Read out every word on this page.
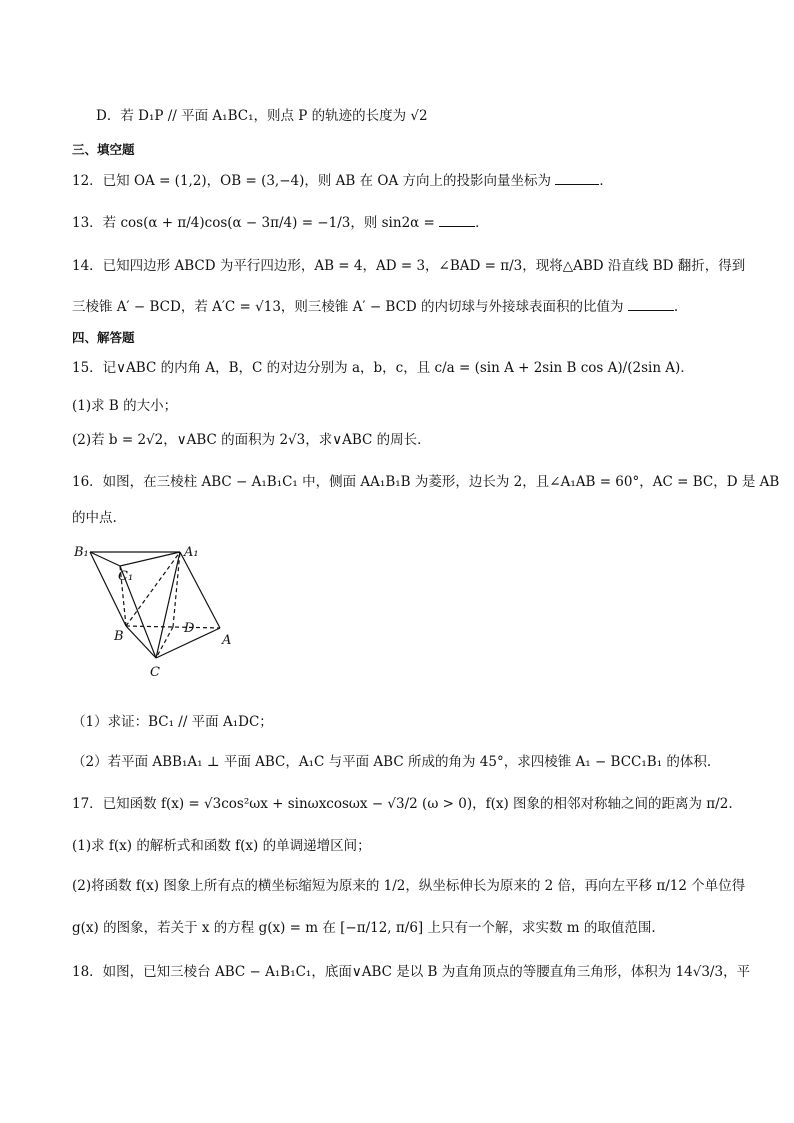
D．若 D₁P // 平面 A₁BC₁，则点 P 的轨迹的长度为 √2
三、填空题
12．已知 OA = (1,2)，OB = (3,−4)，则 AB 在 OA 方向上的投影向量坐标为	．
13．若 cos(α + π/4)cos(α − 3π/4) = −1/3，则 sin2α =	．
14．已知四边形 ABCD 为平行四边形，AB = 4，AD = 3，∠BAD = π/3，现将△ABD 沿直线 BD 翻折，得到
三棱锥 A′ − BCD，若 A′C = √13，则三棱锥 A′ − BCD 的内切球与外接球表面积的比值为	.
四、解答题
15．记∨ABC 的内角 A，B，C 的对边分别为 a，b，c，且 c/a = (sin A + 2sin B cos A)/(2sin A)．
(1)求 B 的大小；
(2)若 b = 2√2，∨ABC 的面积为 2√3，求∨ABC 的周长．
16．如图，在三棱柱 ABC − A₁B₁C₁ 中，侧面 AA₁B₁B 为菱形，边长为 2，且∠A₁AB = 60°，AC = BC，D 是 AB
的中点.
B₁
C₁
A₁
B
D
A
C
（1）求证：BC₁ // 平面 A₁DC；
（2）若平面 ABB₁A₁ ⊥ 平面 ABC，A₁C 与平面 ABC 所成的角为 45°，求四棱锥 A₁ − BCC₁B₁ 的体积.
17．已知函数 f(x) = √3cos²ωx + sinωxcosωx − √3/2 (ω > 0)，f(x) 图象的相邻对称轴之间的距离为 π/2.
(1)求 f(x) 的解析式和函数 f(x) 的单调递增区间；
(2)将函数 f(x) 图象上所有点的横坐标缩短为原来的 1/2，纵坐标伸长为原来的 2 倍，再向左平移 π/12 个单位得
g(x) 的图象，若关于 x 的方程 g(x) = m 在 [−π/12, π/6] 上只有一个解，求实数 m 的取值范围.
18．如图，已知三棱台 ABC − A₁B₁C₁，底面∨ABC 是以 B 为直角顶点的等腰直角三角形，体积为 14√3/3，平
